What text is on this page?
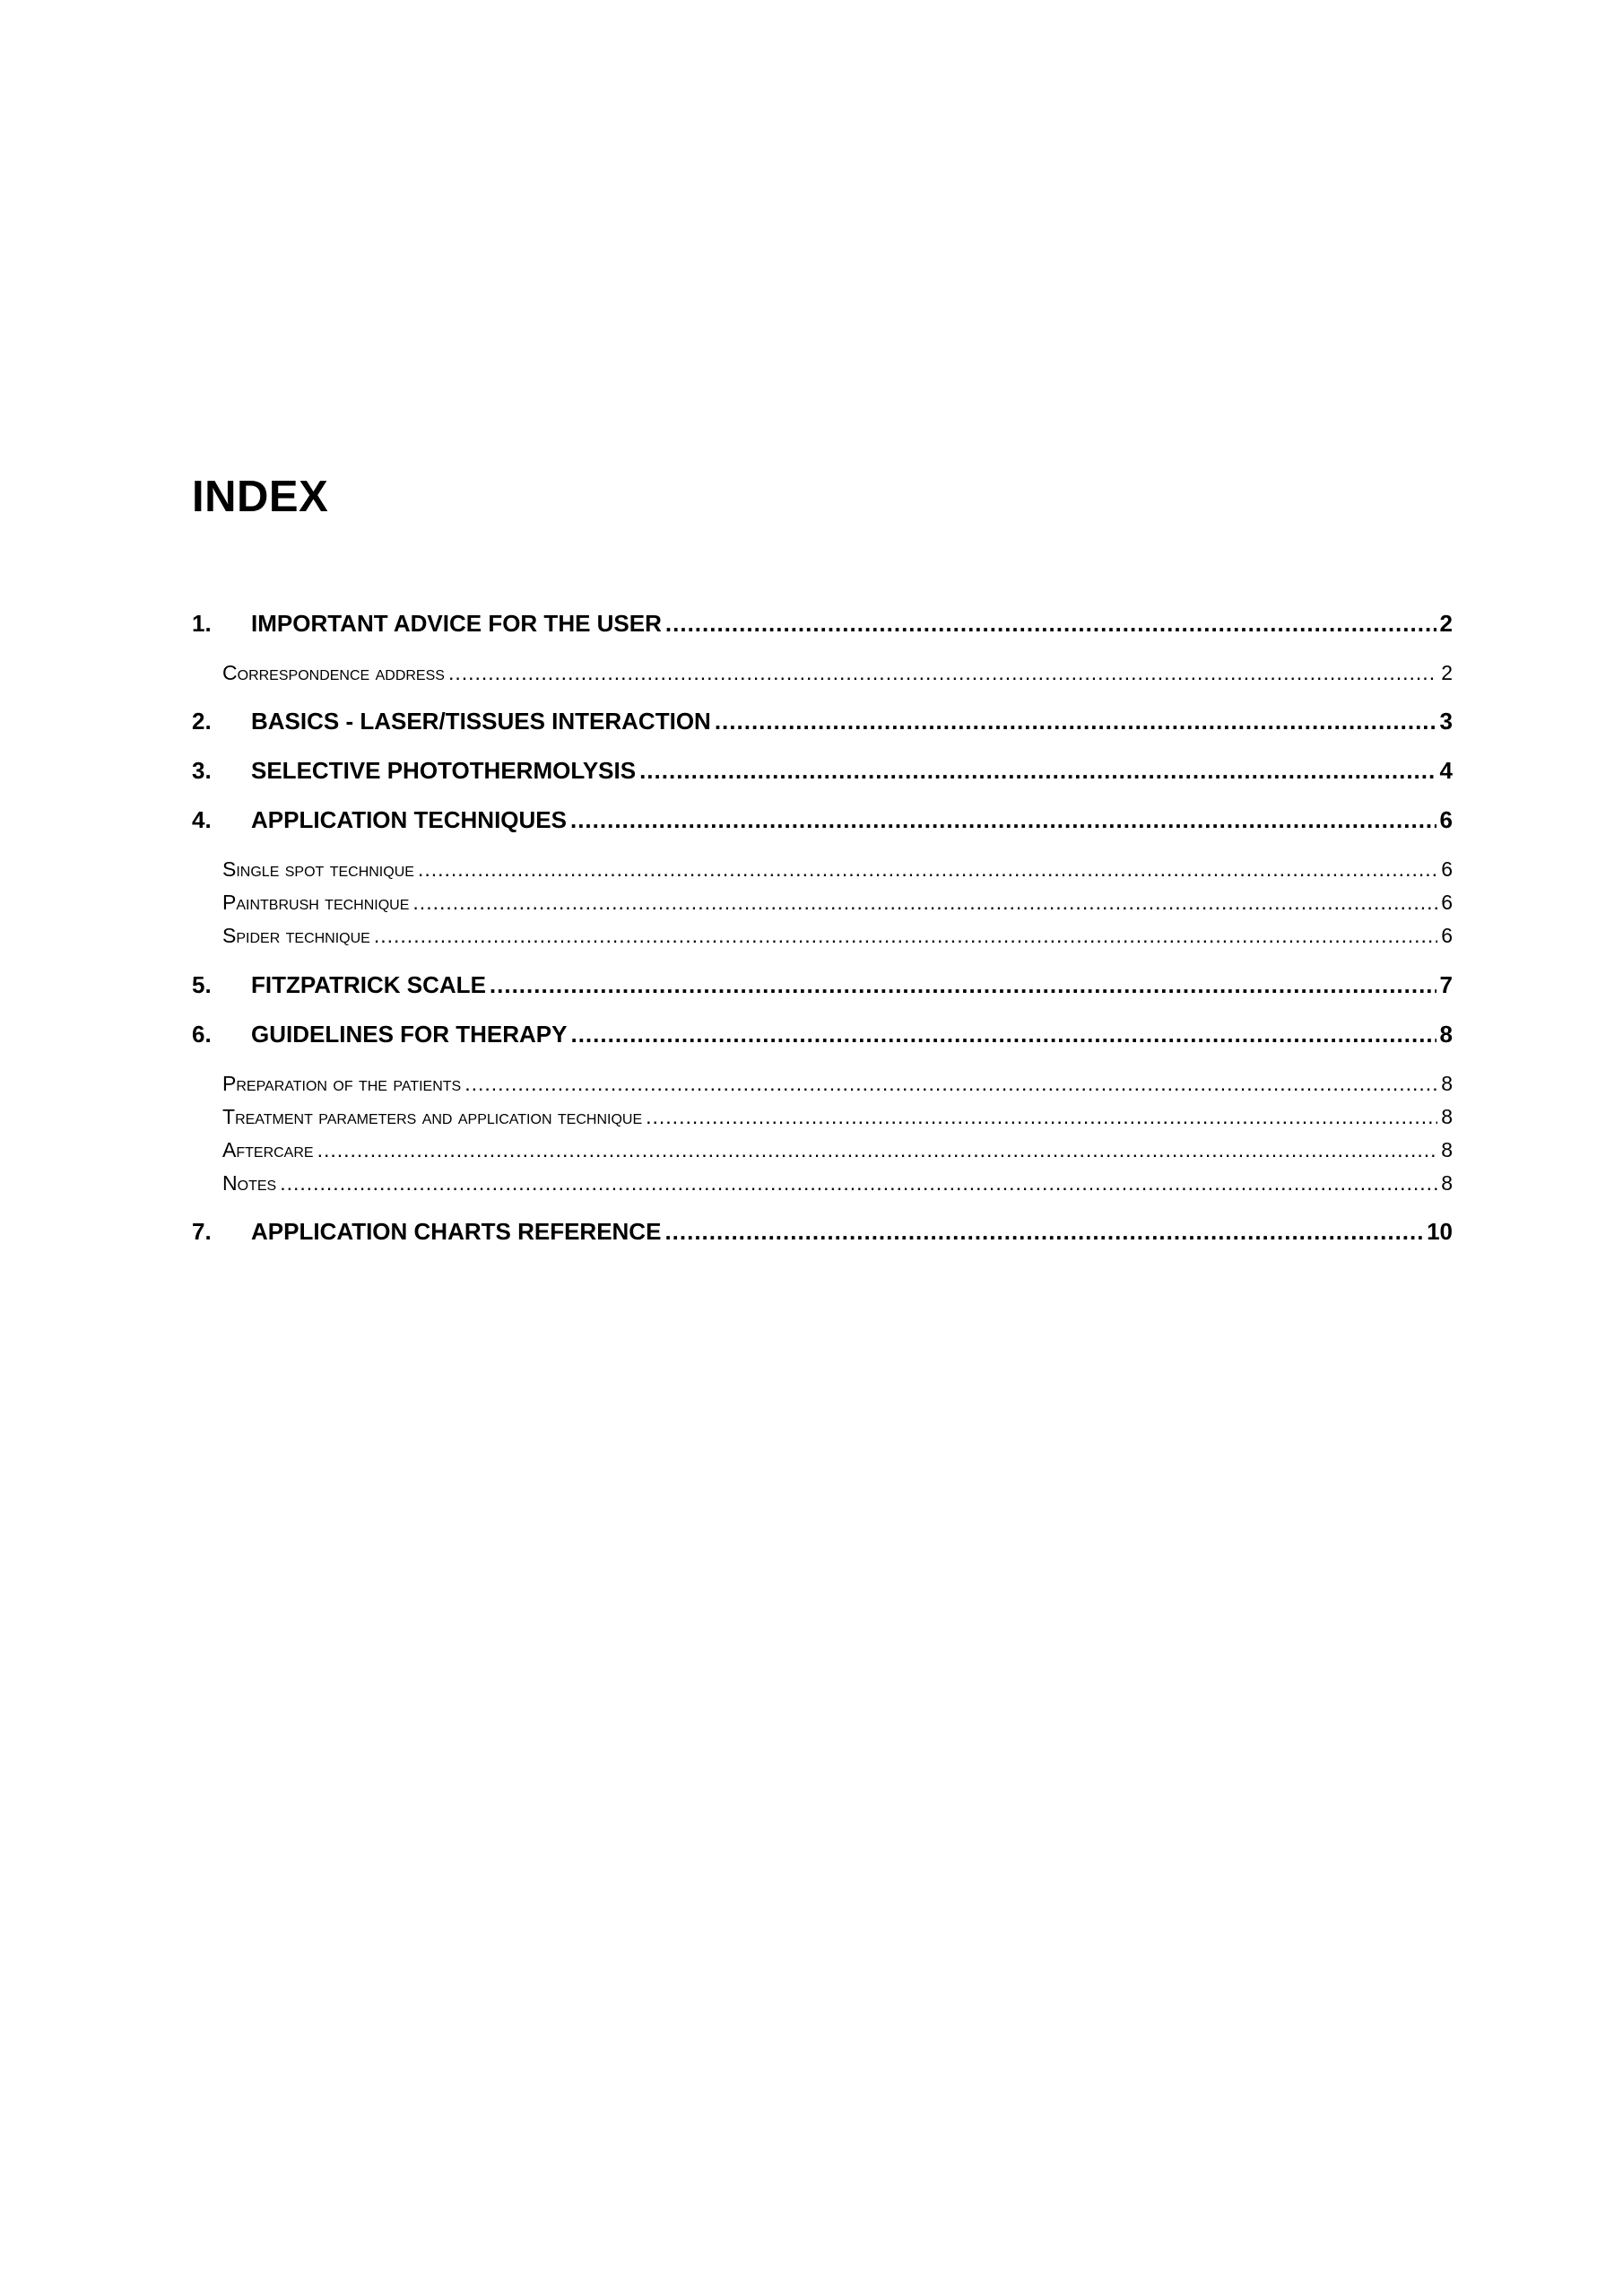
INDEX
1.	IMPORTANT ADVICE FOR THE USER .....	2
Correspondence address .....	2
2.	BASICS - LASER/TISSUES INTERACTION .....	3
3.	SELECTIVE PHOTOTHERMOLYSIS .....	4
4.	APPLICATION TECHNIQUES .....	6
Single spot technique .....	6
Paintbrush technique .....	6
Spider technique .....	6
5.	FITZPATRICK SCALE .....	7
6.	GUIDELINES FOR THERAPY .....	8
Preparation of the patients .....	8
Treatment parameters and application technique .....	8
Aftercare .....	8
Notes .....	8
7.	APPLICATION CHARTS REFERENCE .....	10
